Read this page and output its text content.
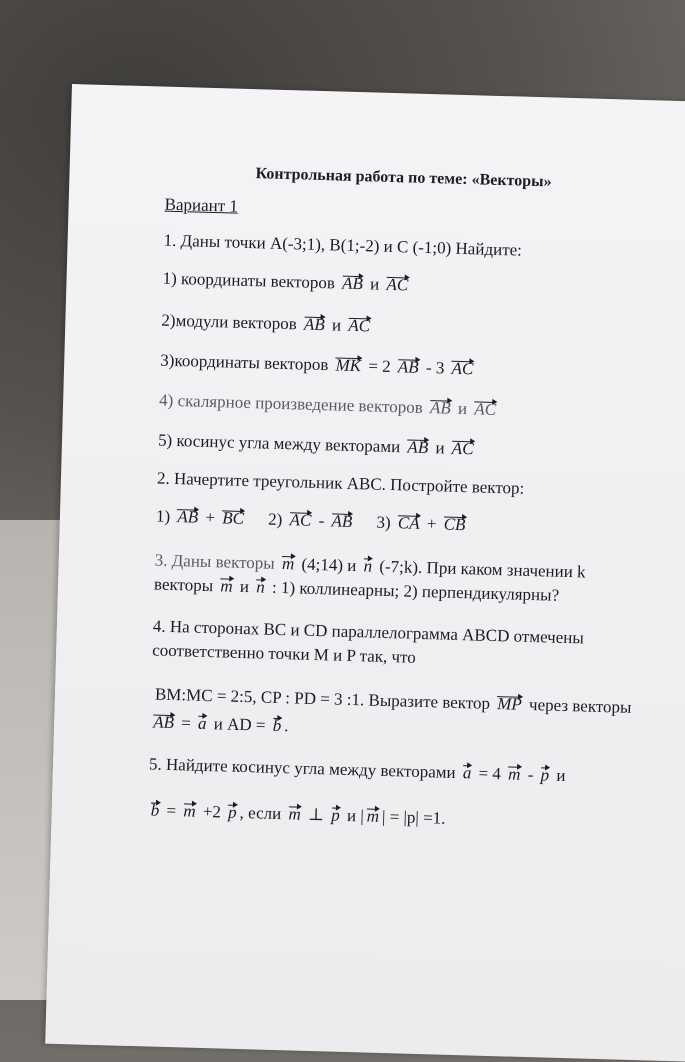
Контрольная работа по теме: «Векторы»
Вариант 1
1. Даны точки A(-3;1), B(1;-2) и C (-1;0) Найдите:
1) координаты векторов AB и AC
2)модули векторов AB и AC
3)координаты векторов MK = 2 AB - 3 AC
4) скалярное произведение векторов AB и AC
5) косинус угла между векторами AB и AC
2. Начертите треугольник ABC. Постройте вектор:
1) AB + BC 2) AC - AB 3) CA + CB
3. Даны векторы m (4;14) и n (-7;k). При каком значении k
векторы m и n : 1) коллинеарны; 2) перпендикулярны?
4. На сторонах BC и CD параллелограмма ABCD отмечены
соответственно точки M и P так, что
BM:MC = 2:5, CP : PD = 3 :1. Выразите вектор MP через векторы
AB = a и AD = b .
5. Найдите косинус угла между векторами a = 4 m - p и
b = m +2 p , если m ⊥ p и | m | = |p| =1.
